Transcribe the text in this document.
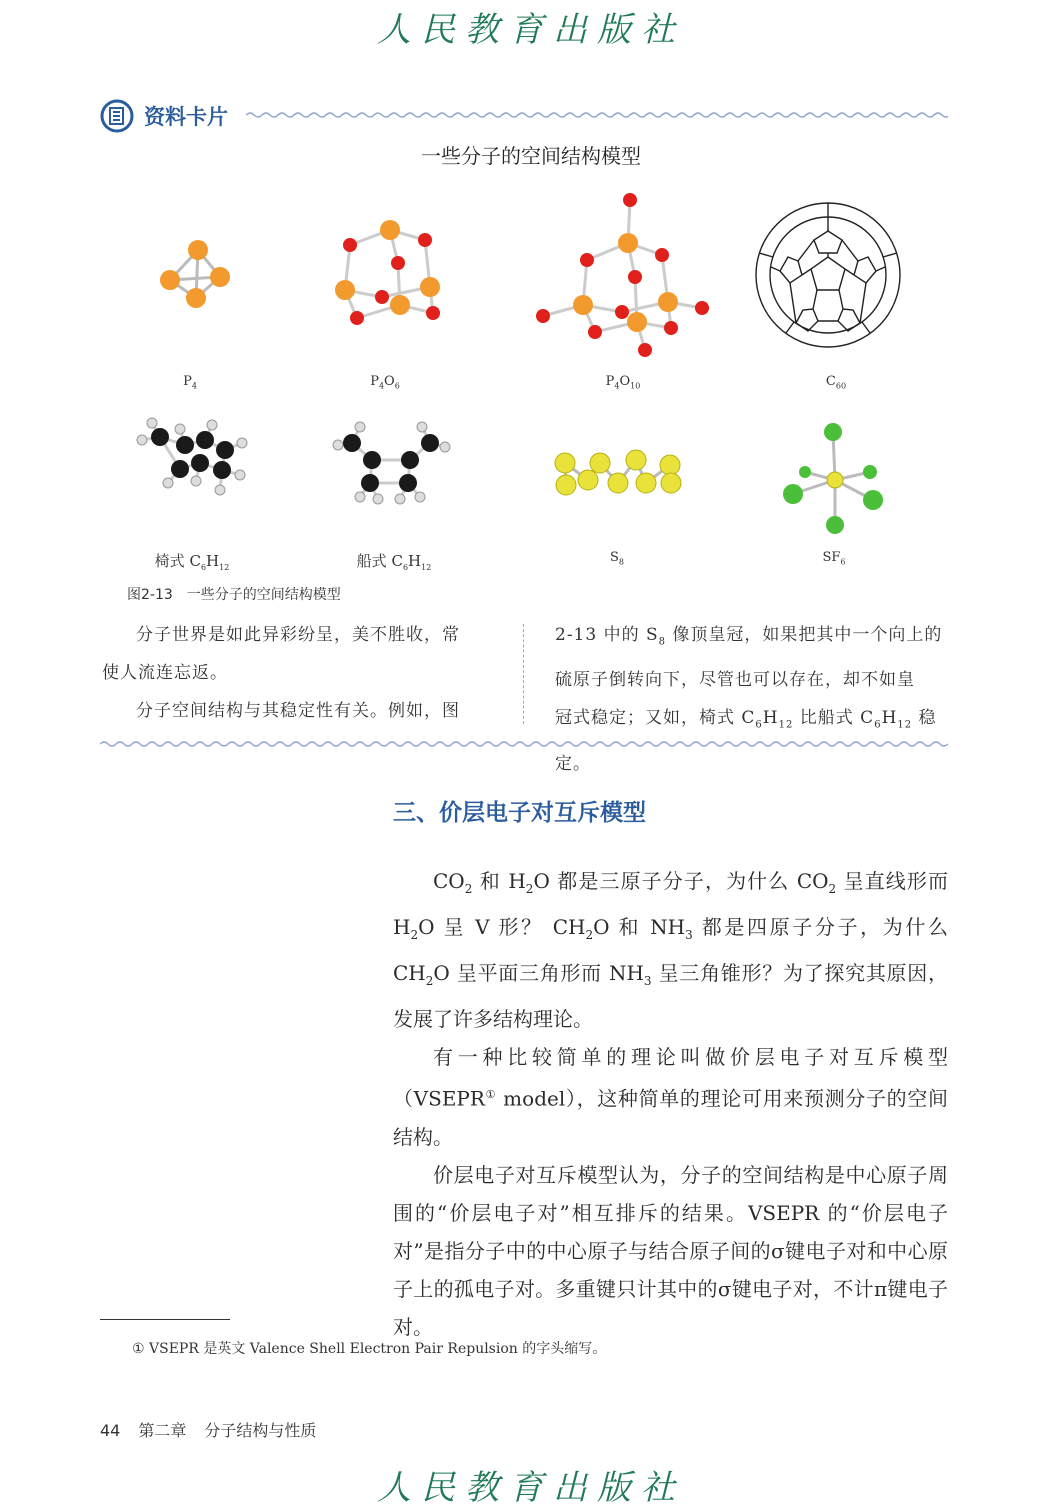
人民教育出版社
资料卡片
一些分子的空间结构模型
$P_4$	$P_4O_6$	$P_4O_{10}$	$C_{60}$
椅式 $C_6H_{12}$	船式 $C_6H_{12}$
$S_8$	$SF_6$
图2-13 一些分子的空间结构模型

分子世界是如此异彩纷呈，美不胜收，常

使人流连忘返。

分子空间结构与其稳定性有关。例如，图

2-13 中的 $S_8$ 像顶皇冠，如果把其中一个向上的

硫原子倒转向下，尽管也可以存在，却不如皇

冠式稳定；又如，椅式 $C_6H_{12}$ 比船式 $C_6H_{12}$ 稳定。

三、价层电子对互斥模型

$CO_2$ 和 $H_2O$ 都是三原子分子，为什么 $CO_2$ 呈直线形而 $H_2O$ 呈 V 形？ $CH_2O$ 和 $NH_3$ 都是四原子分子，为什么 $CH_2O$ 呈平面三角形而 $NH_3$ 呈三角锥形？为了探究其原因，发展了许多结构理论。

有一种比较简单的理论叫做价层电子对互斥模型（VSEPR① model），这种简单的理论可用来预测分子的空间结构。

价层电子对互斥模型认为，分子的空间结构是中心原子周围的“价层电子对”相互排斥的结果。VSEPR 的“价层电子对”是指分子中的中心原子与结合原子间的σ键电子对和中心原子上的孤电子对。多重键只计其中的σ键电子对，不计π键电子对。

① VSEPR 是英文 Valence Shell Electron Pair Repulsion 的字头缩写。
44 第二章 分子结构与性质
人民教育出版社
